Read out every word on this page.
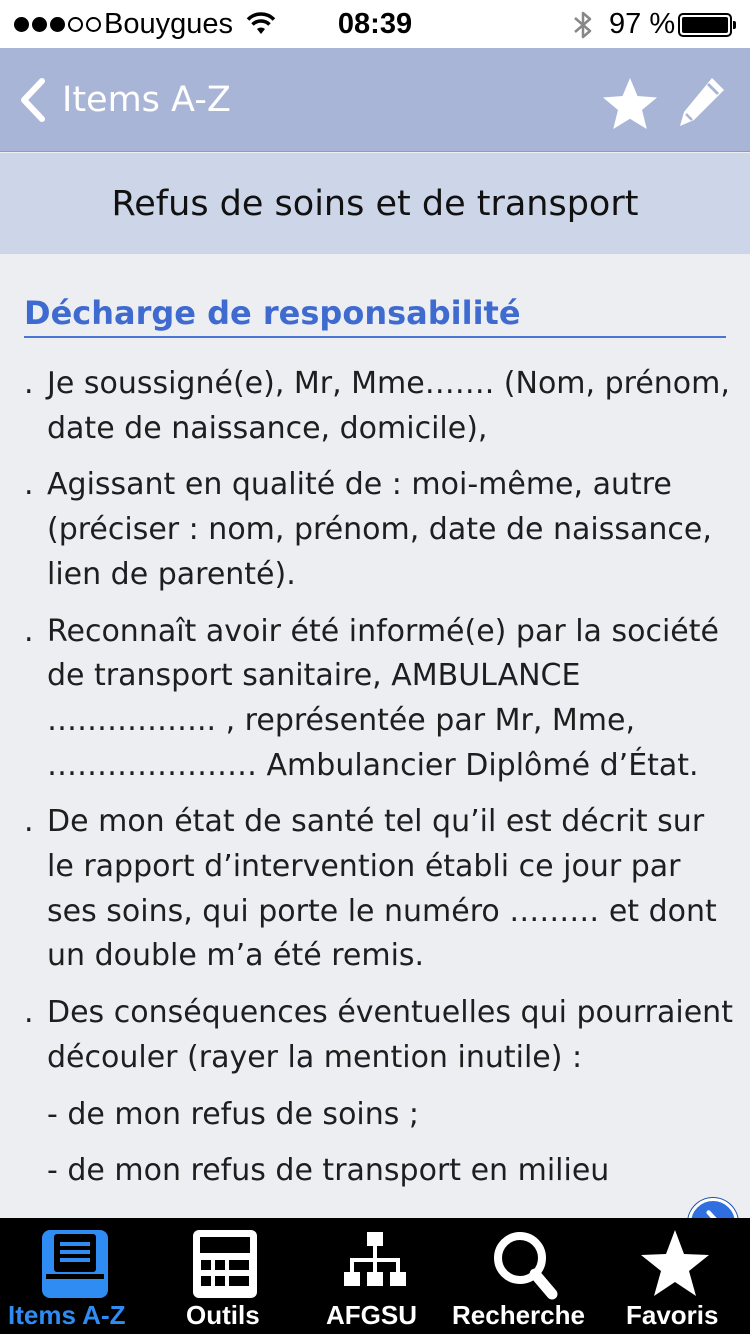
Bouygues	08:39	97 %
Items A-Z
Refus de soins et de transport
Décharge de responsabilité
. Je soussigné(e), Mr, Mme……. (Nom, prénom, date de naissance, domicile),
. Agissant en qualité de : moi-même, autre (préciser : nom, prénom, date de naissance, lien de parenté).
. Reconnaît avoir été informé(e) par la société de transport sanitaire, AMBULANCE …………….. , représentée par Mr, Mme, ………………… Ambulancier Diplômé d’État.
. De mon état de santé tel qu’il est décrit sur le rapport d’intervention établi ce jour par ses soins, qui porte le numéro ……… et dont un double m’a été remis.
. Des conséquences éventuelles qui pourraient découler (rayer la mention inutile) :
- de mon refus de soins ;
- de mon refus de transport en milieu
Items A-Z Outils	AFGSU Recherche Favoris
